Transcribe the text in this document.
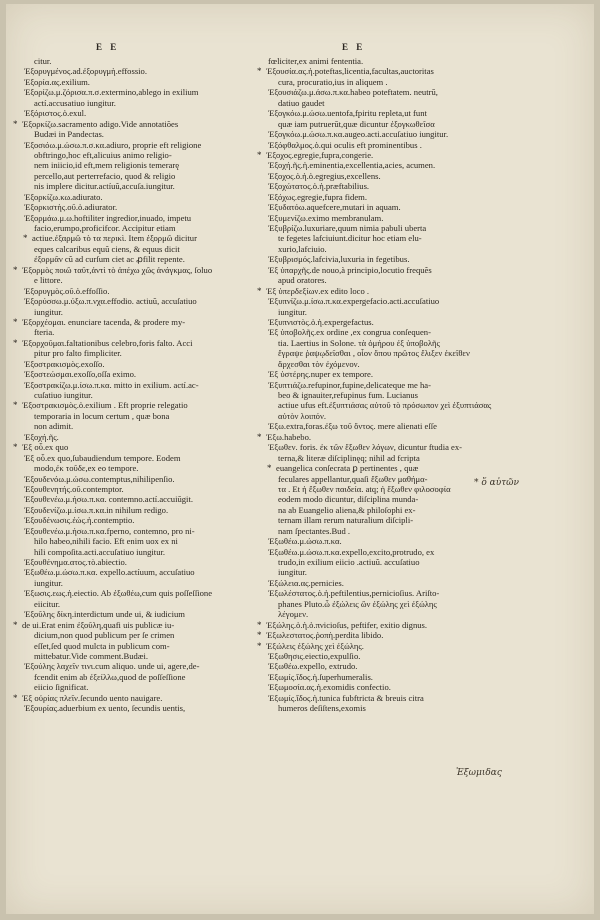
E E	E E
citur.
Ἐξορυγμένος.ad.ἐξορυγμὴ.effossio.
Ἐξορία.ας.exilium.
Ἐξορίζω.μ.ζόρισα.π.σ.exterminο,ablego in exilium
actí.accusatiuo iungitur.
Ἐξόριστος.ὁ.exul.
* Ἐξορκίζω.sacramento adigo.Vide annotatiões
Budæi in Pandectas.
Ἐξοσιόω.μ.ώσω.π.σ.κα.adiuro, proprie eft religione
obftringo,hoc eft,alicuius animo religio-
nem iniicio,id eft,mem religionis temerarę
percello,aut perterrefacio, quod & religio
nis implere dicitur.actíuũ,accuſa.iungitur.
Ἐξορκίζω.κω.adiurato.
Ἐξορκιστὴς.οῦ.ὁ.adiurator.
Ἐξορμάω.μ.ω.hoftiliter ingredior,inuado, impetu
facio,erumpo,proficifcor. Accipitur etiam
* actiue.ἐξαρμῶ τὸ τα περικὶ. Item ἐξορμῶ dicitur
eques calcaribus equũ ciens, & equus dicit
ἐξορμᾶν cũ ad curſum ciet ac ꝓfilit repente.
* Ἐξορμὸς ποιῶ ταῦτ,ἀντὶ τὸ ἀπέχω χῶς ἀνάγκμας, ſoluo
e littore.
Ἐξορυγμὸς.οῦ.ὁ.effoſſio.
Ἐξορύσσω.μ.ύξω.π.νχα.effodio. actiuũ, accuſatiuo
iungitur.
* Ἐξορχέομαι. enunciare tacenda, & prodere my-
fteria.
* Ἐξορχοῦμαι.faltationibus celebro,foris falto. Acci
pitur pro falto fimpliciter.
Ἐξοστρακισμὸς.exoſſo.
Ἐξοστεώσμαι.exoſſo,oſſa eximo.
Ἐξοστρακίζω.μ.ίσω.π.κα. mitto in exilium. actí.ac-
cuſatiuo iungitur.
* Ἐξοστρακισμὸς.ὁ.exilium . Eft proprie relegatio
temporaria in locum certum , quæ bona
non adimit.
Ἐξοχή.ῆς.
* Ἐξ οὗ.ex quo
Ἐξ οὗ.ex quo,ſubaudiendum tempore. Eodem
modo,ἐκ τοῦδε,ex eo tempore.
Ἐξουδενόω.μ.ώσω.contemptus,nihilipenſio.
Ἐξουθενητής.οῦ.contemptor.
Ἐξουθενέω.μ.ήσω.π.κα. contemno.actí.accuiūgit.
Ἐξουδενίζω.μ.ίσω.π.κα.in nihilum redigo.
Ἐξουδένωσις.ἐώς.ἡ.contemptio.
Ἐξουθενέω.μ.ήσω.π.κα.fperno, contemno, pro ni-
hilo habeo,nihili facio. Eft enim uox ex ni
hili compoſita.acti.accuſatiuo iungitur.
Ἐξουθένημα.ατος.τὸ.abiectio.
Ἐξωθέω.μ.ώσω.π.κα. expello.actíuum, accuſatiuo
iungitur.
Ἐξωσις.εως.ἡ.eiectio. Ab ἐξωθέω,cum quis poſſeſſione
eiicitur.
Ἐξοῦλης δίκη.interdictum unde ui, & iudicium
* de ui.Erat enim ἐξοῦλη,quafi uis publicæ iu-
dicium,non quod publicum per ſe crimen
eſſet,ſed quod mulcta in publicum com-
mittebatur.Vide comment.Budæi.
Ἐξούλης λαχεῖν τινι.cum aliquo. unde ui, agere,de-
fcendit enim ab ἐξείλλω,quod de poſſeſſione
eiicio ſignificat.
* Ἐξ οὐρίας πλεῖν.ſecundo uento nauigare.
Ἐξουρίας.aduerbium ex uento, ſecundis uentis,
fœliciter,ex animi fententia.
* Ἐξουσία.ας.ἡ.poteftas,licentia,facultas,auctoritas
cura, procuratio,ius in aliquem .
Ἐξουσιάζω.μ.άσω.π.κα.habeo poteftatem. neutrū,
datiuo gaudet
Ἐξογκόω.μ.ώσω.uentofa,fpiritu repleta,ut funt
quæ iam putruerūt,quæ dicuntur ἐξογκωθεῖσα
Ἐξογκόω.μ.ώσω.π.κα.augeo.acti.accuſatiuo iungitur.
Ἐξόφθαλμος.ὁ.qui oculis eft prominentibus .
* Ἐξοχος.egregie,fupra,congerie.
Ἐξοχή.ῆς.ἡ.eminentia,excellentia,acies, acumen.
Ἐξοχος.ὁ.ἡ.ὁ.egregius,excellens.
Ἐξοχώτατος.ὁ.ἡ.præftabilius.
Ἐξόχως.egregie,fupra fidem.
Ἐξυδατόω.aquefcere,mutari in aquam.
Ἐξυμενίζω.eximo membranulam.
Ἐξυβρίζω.luxuriare,quum nimia pabuli uberta
te fegetes lafciuiunt.dicitur hoc etiam elu-
xurio,lafciuio.
Ἐξυβρισμός.lafcivia,luxuria in fegetibus.
Ἐξ ὑπαρχῆς.de nouo,à principio,locutio frequẽs
apud oratores.
* Ἐξ ὑπερδεξίων.ex edito loco .
Ἐξυπνίζω.μ.ίσω.π.κα.expergefacio.acti.accuſatiuo
iungitur.
Ἐξυπνιστὸς.ὁ.ἡ.expergefactus.
Ἐξ ὑποβολῆς.ex ordine ,ex congrua conſequen-
tia. Laertius in Solone. τὰ ὁμήρου ἐξ ὑποβολῆς
ἔγραψε ῥαψῳδεῖσθαι , οἷον ὅπου πρῶτος ἔλιξεν ἐκεῖθεν
ἄρχεσθαι τὸν ἐχόμενον.
Ἐξ ὑστέρης.nuper ex tempore.
Ἐξυπτιάζω.refupinor,fupine,delicateque me ha-
beo & ignauiter,refupinus fum. Lucianus
actiue ufus eft.ἐξυπτιάσας αὐτοῦ τὸ πρόσωπον χεὶ ἐξυπτιάσας
αὐτὸν λοιπόν.
Ἐξω.extra,foras.ἐξω τοῦ ὄντος. mere alienati eſſe
* Ἐξω.habebo.
Ἐξωθεν. foris. ἐκ τῶν ἔξωθεν λόγων, dicuntur ftudia ex-
terna,& literæ diſciplinęq; nihil ad fcripta
* euangelica conſecrata ꝑ pertinentes , quæ
feculares appellantur,quaſi ἔξωθεν μαθήμα-
τα . Et ἡ ἔξωθεν παιδεία. atq; ἡ ἔξωθεν φιλοσοφία
eodem modo dicuntur, diſciplina munda-
na ab Euangelio aliena,& philoſophi ex-
ternam illam rerum naturalium diſcipli-
nam ſpectantes.Bud .
Ἐξωθέω.μ.ώσω.π.κα.
Ἐξωθέω.μ.ώσω.π.κα.expello,excito,protrudo, ex
trudo,in exilium eiicio .actiuũ. accuſatiuo
iungitur.
Ἐξώλεια.ας.pernicies.
Ἐξωλέστατος.ὁ.ἡ.peftilentius,pernicioſius. Ariſto-
phanes Plutο.ὦ ἐξώλεις ὢν ἐξώλης χεὶ ἐξώλης
λέγομεν.
* Ἐξώλης.ὁ.ἡ.ὁ.πνicioſus, peftifer, exitio dignus.
* Ἐξωλεστατος.ῥοπὴ.perdita libido.
* Ἐξώλεις ἐξώλης χεὶ ἐξώλης.
Ἐξωθησις.eiectio,expulſio.
Ἐξωθέω.expello, extrudo.
Ἐξωμίς.ἴδος.ἡ.ſuperhumeralis.
Ἐξωμοσία.ας.ἡ.exomidis confectio.
Ἐξωμίς.ἴδος.ἡ.tunica fubftricta & breuis citra
humeros deſiſtens,exomis
* ὅ αὐτῶν
Ἐξωμιδας
